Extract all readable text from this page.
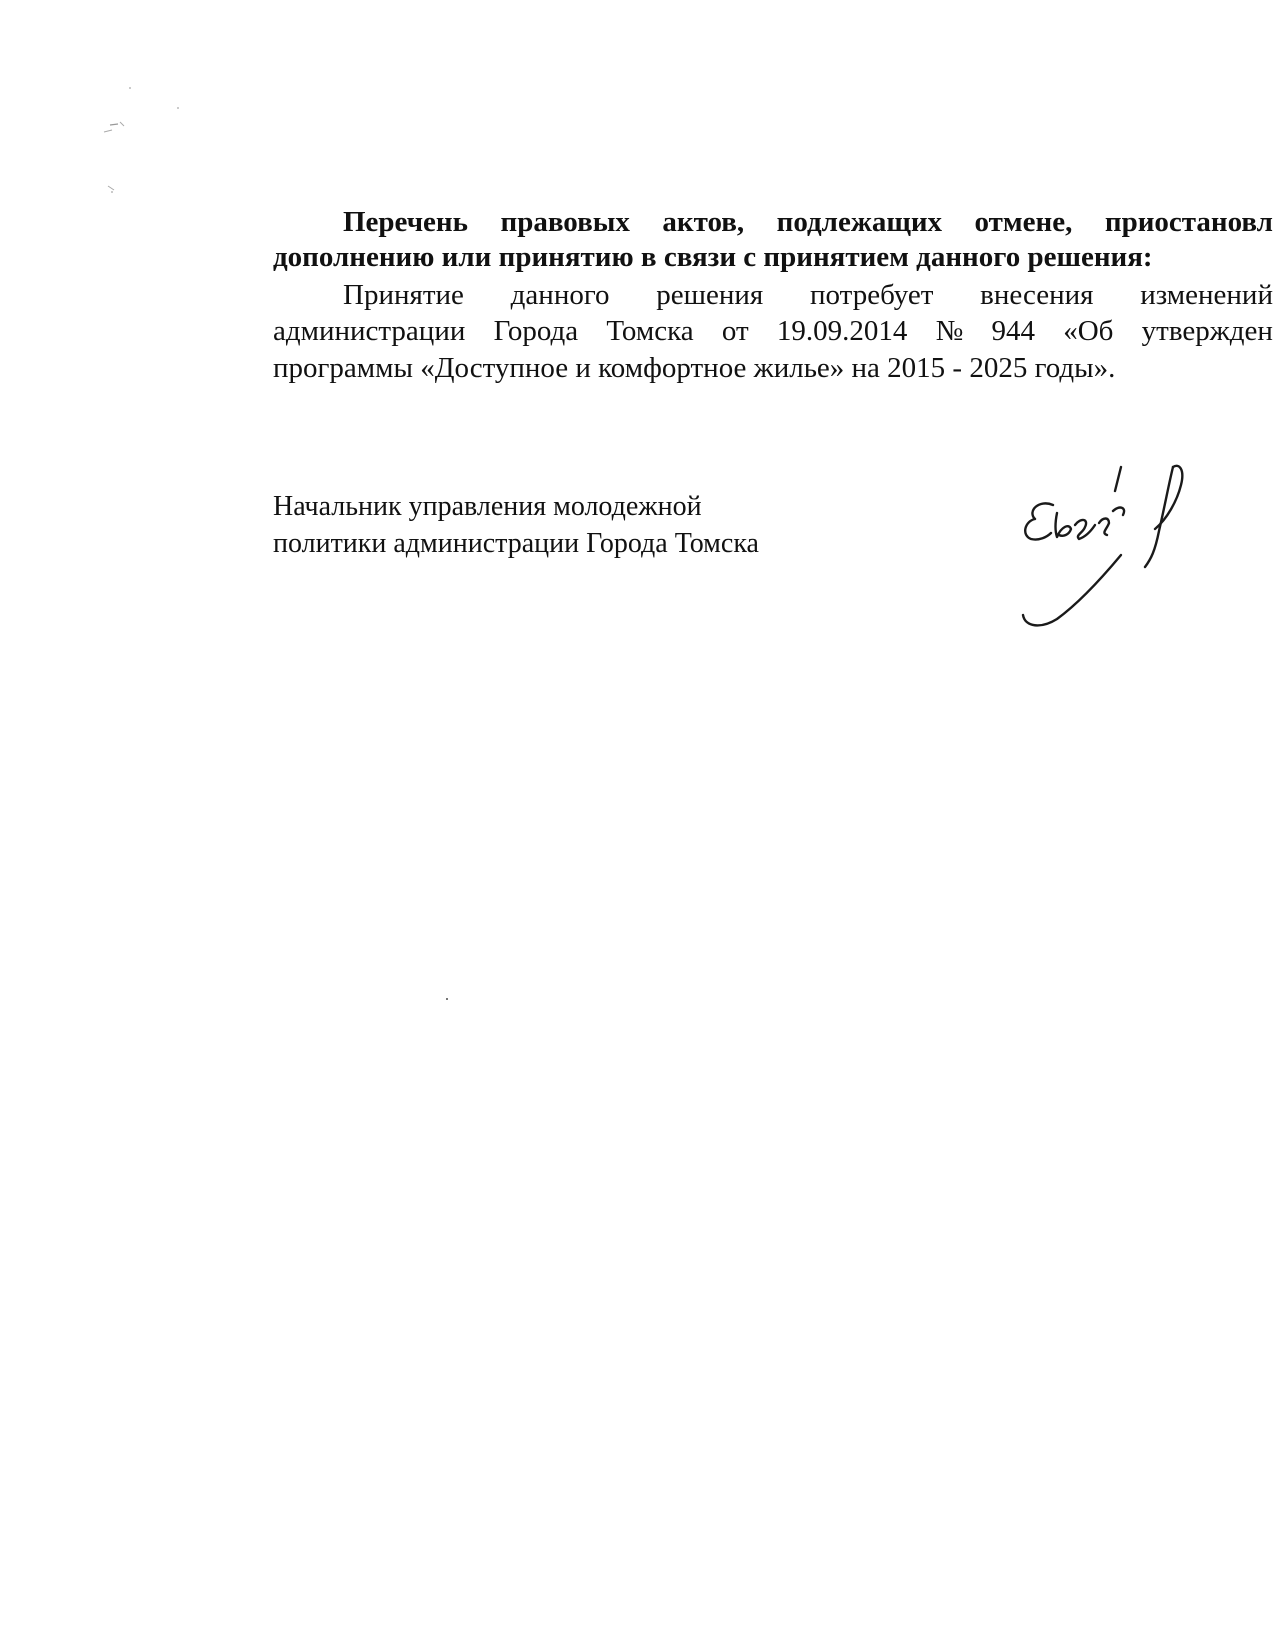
Перечень правовых актов, подлежащих отмене, приостановл
дополнению или принятию в связи с принятием данного решения:
Принятие данного решения потребует внесения изменений
администрации Города Томска от 19.09.2014 № 944 «Об утвержден
программы «Доступное и комфортное жилье» на 2015 - 2025 годы».
Начальник управления молодежной
политики администрации Города Томска
